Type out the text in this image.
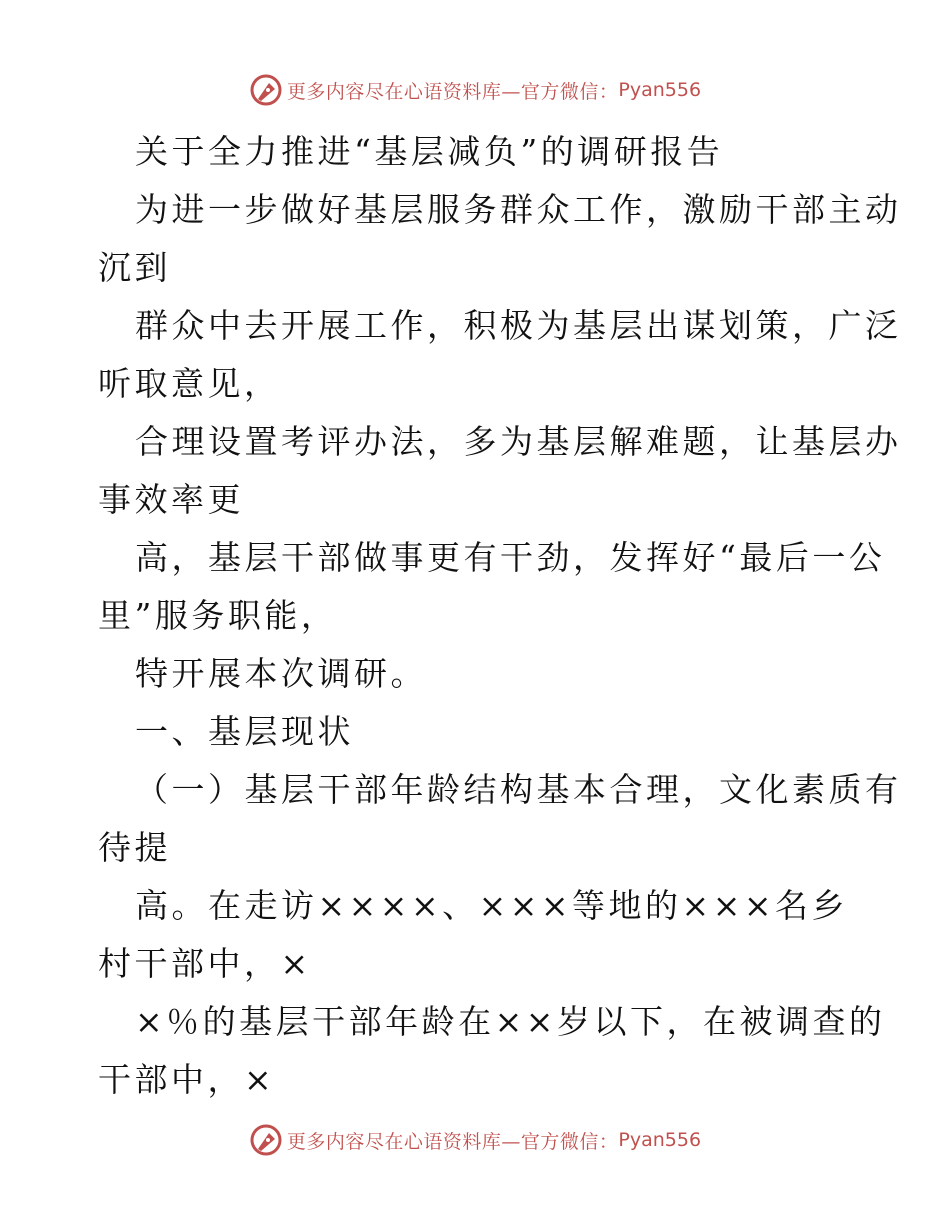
更多内容尽在心语资料库—官方微信： Pyan556
关于全力推进“基层减负”的调研报告
为进一步做好基层服务群众工作，激励干部主动
沉到
群众中去开展工作，积极为基层出谋划策，广泛
听取意见，
合理设置考评办法，多为基层解难题，让基层办
事效率更
高，基层干部做事更有干劲，发挥好“最后一公
里”服务职能，
特开展本次调研。
一、基层现状
（一）基层干部年龄结构基本合理，文化素质有
待提
高。在走访××××、×××等地的×××名乡
村干部中，×
×％的基层干部年龄在××岁以下，在被调查的
干部中，×
更多内容尽在心语资料库—官方微信： Pyan556
